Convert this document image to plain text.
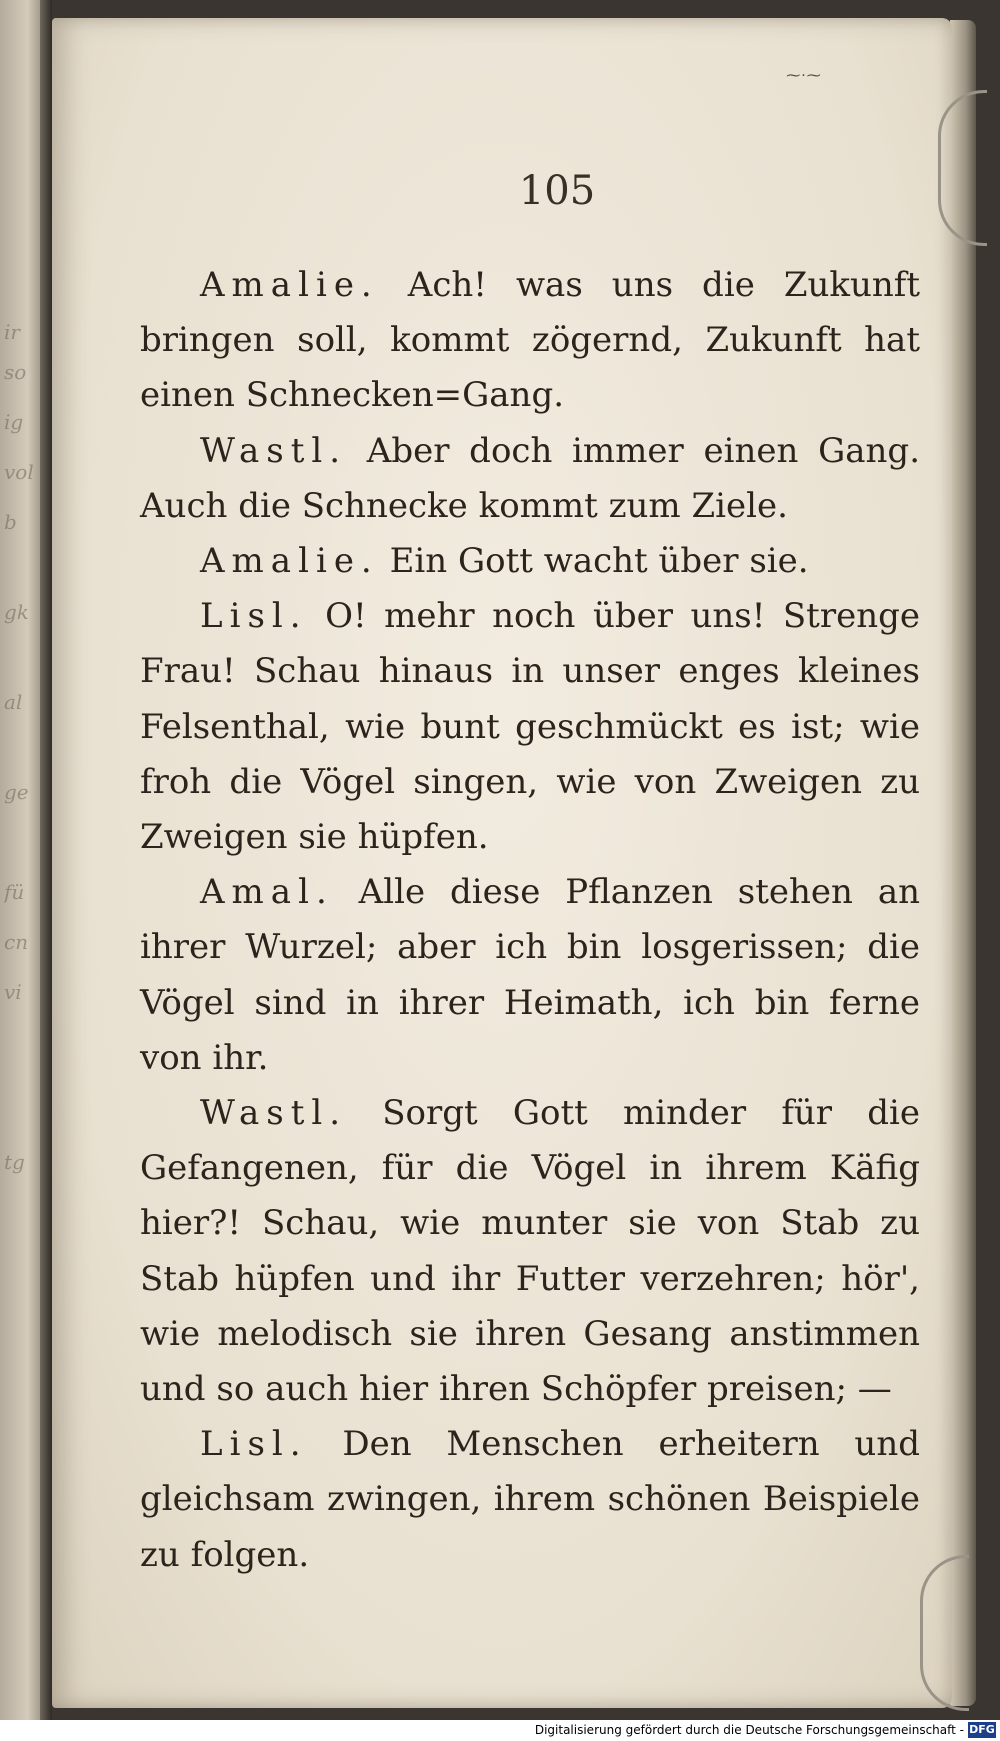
ir
so
ig
vol
b
gk
al
ge
fü
cn
vi
tg
⁓·⁓
105

Amalie. Ach! was uns die Zukunft bringen soll, kommt zögernd, Zukunft hat einen Schnecken=Gang.

Wastl. Aber doch immer einen Gang. Auch die Schnecke kommt zum Ziele.

Amalie. Ein Gott wacht über sie.

Lisl. O! mehr noch über uns! Strenge Frau! Schau hinaus in unser enges kleines Felsenthal, wie bunt geschmückt es ist; wie froh die Vögel singen, wie von Zweigen zu Zweigen sie hüpfen.

Amal. Alle diese Pflanzen stehen an ihrer Wurzel; aber ich bin losgerissen; die Vögel sind in ihrer Heimath, ich bin ferne von ihr.

Wastl. Sorgt Gott minder für die Gefangenen, für die Vögel in ihrem Käfig hier?! Schau, wie munter sie von Stab zu Stab hüpfen und ihr Futter verzehren; hör', wie melodisch sie ihren Gesang anstimmen und so auch hier ihren Schöpfer preisen; —

Lisl. Den Menschen erheitern und gleichsam zwingen, ihrem schönen Beispiele zu folgen.

Digitalisierung gefördert durch die Deutsche Forschungsgemeinschaft - DFG
